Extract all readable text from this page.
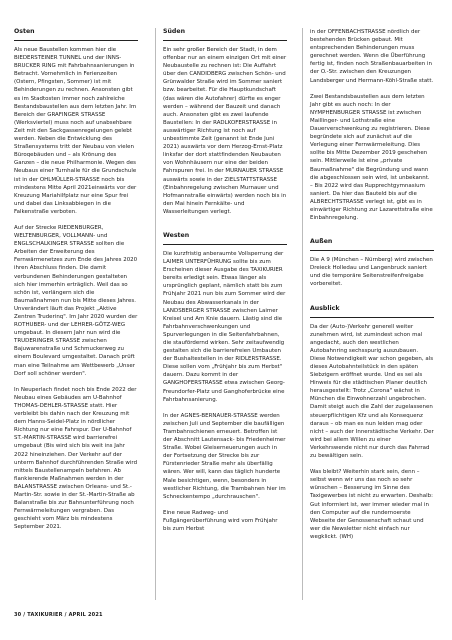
Osten

Als neue Baustellen kommen hier die BIEDERSTEINER TUNNEL und der INNS-BRUCKER RING mit Fahrbahnsanierungen in Betracht. Vornehmlich in Ferienzeiten (Ostern, Pfingsten, Sommer) ist mit Behinderungen zu rechnen. Ansonsten gibt es im Stadtosten immer noch zahlreiche Bestandsbaustellen aus dem letzten Jahr. Im Bereich der GRAFINGER STRASSE (Werksviertel) muss noch auf unabsehbare Zeit mit den Sackgassenregelungen gelebt werden. Neben die Entwicklung des Straßensystems tritt der Neubau von vielen Büroqebäuden und – als Krönung des Ganzen – die neue Philharmonie. Wegen des Neubaus einer Turnhalle für die Grundschule ist in der OHLMÜLLER-STRASSE noch bis mindestens Mitte April 2021einwärts vor der Kreuzung Mariahilfplatz nur eine Spur frei und dabei das Linksabbiegen in die Falkenstraße verboten.

Auf der Strecke RIEDENBURGER, WELTENBURGER, VOLLMANN- und ENGLSCHALKINGER STRASSE sollten die Arbeiten der Erweiterung des Fernwärmenetzes zum Ende des Jahres 2020 ihren Abschluss finden. Die damit verbundenen Behinderungen gestalteten sich hier immerhin erträglich. Weil das so schön ist, verlängern sich die Baumaßnahmen nun bis Mitte dieses Jahres. Unverändert läuft das Projekt „Aktive Zentren Truderinq". Im Jahr 2020 wurden der ROTHUBER- und der LEHRER-GÖTZ-WEG umgebaut. In diesem Jahr nun wird die TRUDERINGER STRASSE zwischen Bajuwarenstraße und Schmuckerweg zu einem Boulevard umgestaltet. Danach prüft man eine Teilnahme am Wettbewerb „Unser Dorf soll schöner werden".

In Neuperlach findet noch bis Ende 2022 der Neubau eines Gebäudes am U-Bahnhof THOMAS-DEHLER-STRASSE statt. Hier verbleibt bis dahin nach der Kreuzung mit dem Hanns-Seidel-Platz in nördlicher Richtung nur eine Fahrspur. Der U-Bahnhof ST.-MARTIN-STRASSE wird barrierefrei umgebaut (Bis wird sich bis weit ins Jahr 2022 hineinziehen. Der Verkehr auf der unterm Bahnhof durchführenden Straße wird mittels Baustellenampeln befahren. Ab flankierende Maßnahmen werden in der BALANSTRASSE zwischen Orleans- und St.-Martin-Str. sowie in der St.-Martin-Straße ab Balanstraße bis zur Bahnunterführung noch Fernwärmeleitungen vergraben. Das geschieht vom März bis mindestens September 2021.

Süden

Ein sehr großer Bereich der Stadt, in dem offenbar nur an einem einzigen Ort mit einer Neubaustelle zu rechnen ist: Die Auffahrt über den CANDIDBERG zwischen Schön- und Grünwalder Straße wird im Sommer saniert bzw. bearbeitet. Für die Hauptkundschaft (das wären die Autofahrer) dürfte es enger werden – während der Bauzeit und danach auch. Ansonsten gibt es zwei laufende Baustellen: In der RADLKOFERSTRASSE in auswärtiger Richtung ist noch auf unbestimmte Zeit (genannt ist Ende Juni 2021) auswärts vor dem Herzog-Ernst-Platz linksfar der dort stattfindenden Neubauten von Wohnhäusern nur eine der beiden Fahrspuren frei. In der MURNAUER STRASSE auswärts sowie in der ZIELSTATTSTRASSE (Einbahnregelung zwischen Murnauer und Hofmannstraße einwärts) werden noch bis in den Mai hinein Fernkälte- und Wasserleitungen verlegt.

Westen

Die kurzfristig anberaumte Vollsperrung der LAIMER UNTERFÜHRUNG sollte bis zum Erscheinen dieser Ausgabe des TAXIKURIER bereits erledigt sein. Etwas länger als ursprünglich geplant, nämlich statt bis zum Frühjahr 2021 nun bis zum Sommer wird der Neubau des Abwasserkanals in der LANDSBERGER STRASSE zwischen Laimer Kreisel und Am Knie dauern. Lästig sind die Fahrbahnverschwenkungen und Spurverlegungen in die Seitenfahrbahnen, die staufördernd wirken. Sehr zeitaufwendig gestalten sich die barrierefreien Umbauten der Bushaltestellen in der RIDLERSTRASSE. Diese sollen vom „Frühjahr bis zum Herbst" dauern. Dazu kommt in der GANGHOFERSTRASSE etwa zwischen Georg-Freundorfer-Platz und Ganghoferbrücke eine Fahrbahnsanierung.

In der AGNES-BERNAUER-STRASSE werden zwischen Juli und September die baufälligen Trambahnschienen erneuert. Betroffen ist der Abschnitt Lautensack- bis Friedenheimer Straße. Wobei Gleiserneuerungen auch in der Fortsetzung der Strecke bis zur Fürstenrieder Straße mehr als überfällig wären. Wer will, kann das täglich hunderte Male besichtigen, wenn, besonders in westlicher Richtung, die Trambahnen hier im Schneckentempo „durchrauschen".

Eine neue Radweg- und Fußgängerüberführung wird vom Frühjahr bis zum Herbst

in der OFFENBACHSTRASSE nördlich der bestehenden Brücken gebaut. Mit entsprechenden Behinderungen muss gerechnet werden. Wenn die Überführung fertig ist, finden noch Straßenbauarbeiten in der O.-Str. zwischen den Kreuzungen Landsberger und Hermann-Köhl-Straße statt.

Zwei Bestandsbaustellen aus dem letzten Jahr gibt es auch noch: In der NYMPHENBURGER STRASSE ist zwischen Maillinger- und Lothstraße eine Dauerverschwenkung zu registrieren. Diese begründete sich auf zunächst auf die Verlegung einer Fernwärmeleitung. Dies sollte bis Mitte Dezember 2019 geschehen sein. Mittlerweile ist eine „private Baumaßnahme" die Begründung und wann die abgeschlossen sein wird, ist unbekannt. – Bis 2022 wird das Rupprechtgymnasium saniert. Da hier das Bauteld bis auf die ALBRECHTSTRASSE verlegt ist, gibt es in einwärtiger Richtung zur Lazarettstraße eine Einbahnregelung.

Außen

Die A 9 (München – Nürnberg) wird zwischen Dreieck Holledau und Langenbruck saniert und die temporäre Seitenstreifenfreigabe vorbereitet.

Ausblick

Da der (Auto-)Verkehr generell weiter zunehmen wird, ist zumindest schon mal angedacht, auch den westlichen Autobahnring sechsspurig auszubauen. Diese Notwendigkeit war schon gegeben, als dieses Autobahnteilstück in den späten Siebzigern eröffnet wurde. Und es sei als Hinweis für die städtischen Planer deutlich herausgestellt: Trotz „Corona" wächst in München die Einwohnerzahl ungebrochen. Damit steigt auch die Zahl der zugelassenen steuerpflichtigen Kfz und als Konsequenz daraus – ob man es nun leiden mag oder nicht – auch der Innerstädtische Verkehr. Der wird bei allem Willen zu einer Verkehrswende nicht nur durch das Fahrrad zu bewältigen sein.

Was bleibt? Weiterhin stark sein, denn – selbst wenn wir uns das noch so sehr wünschen – Besserung im Sinne des Taxigewerbes ist nicht zu erwarten. Deshalb: Gut informiert ist, wer immer wieder mal in den Computer auf die rundernoerste Webseite der Genossenschaft schaut und wer die Newsletter nicht einfach nur wegklickt. (WH)

30 / TAXIKURIER / APRIL 2021
